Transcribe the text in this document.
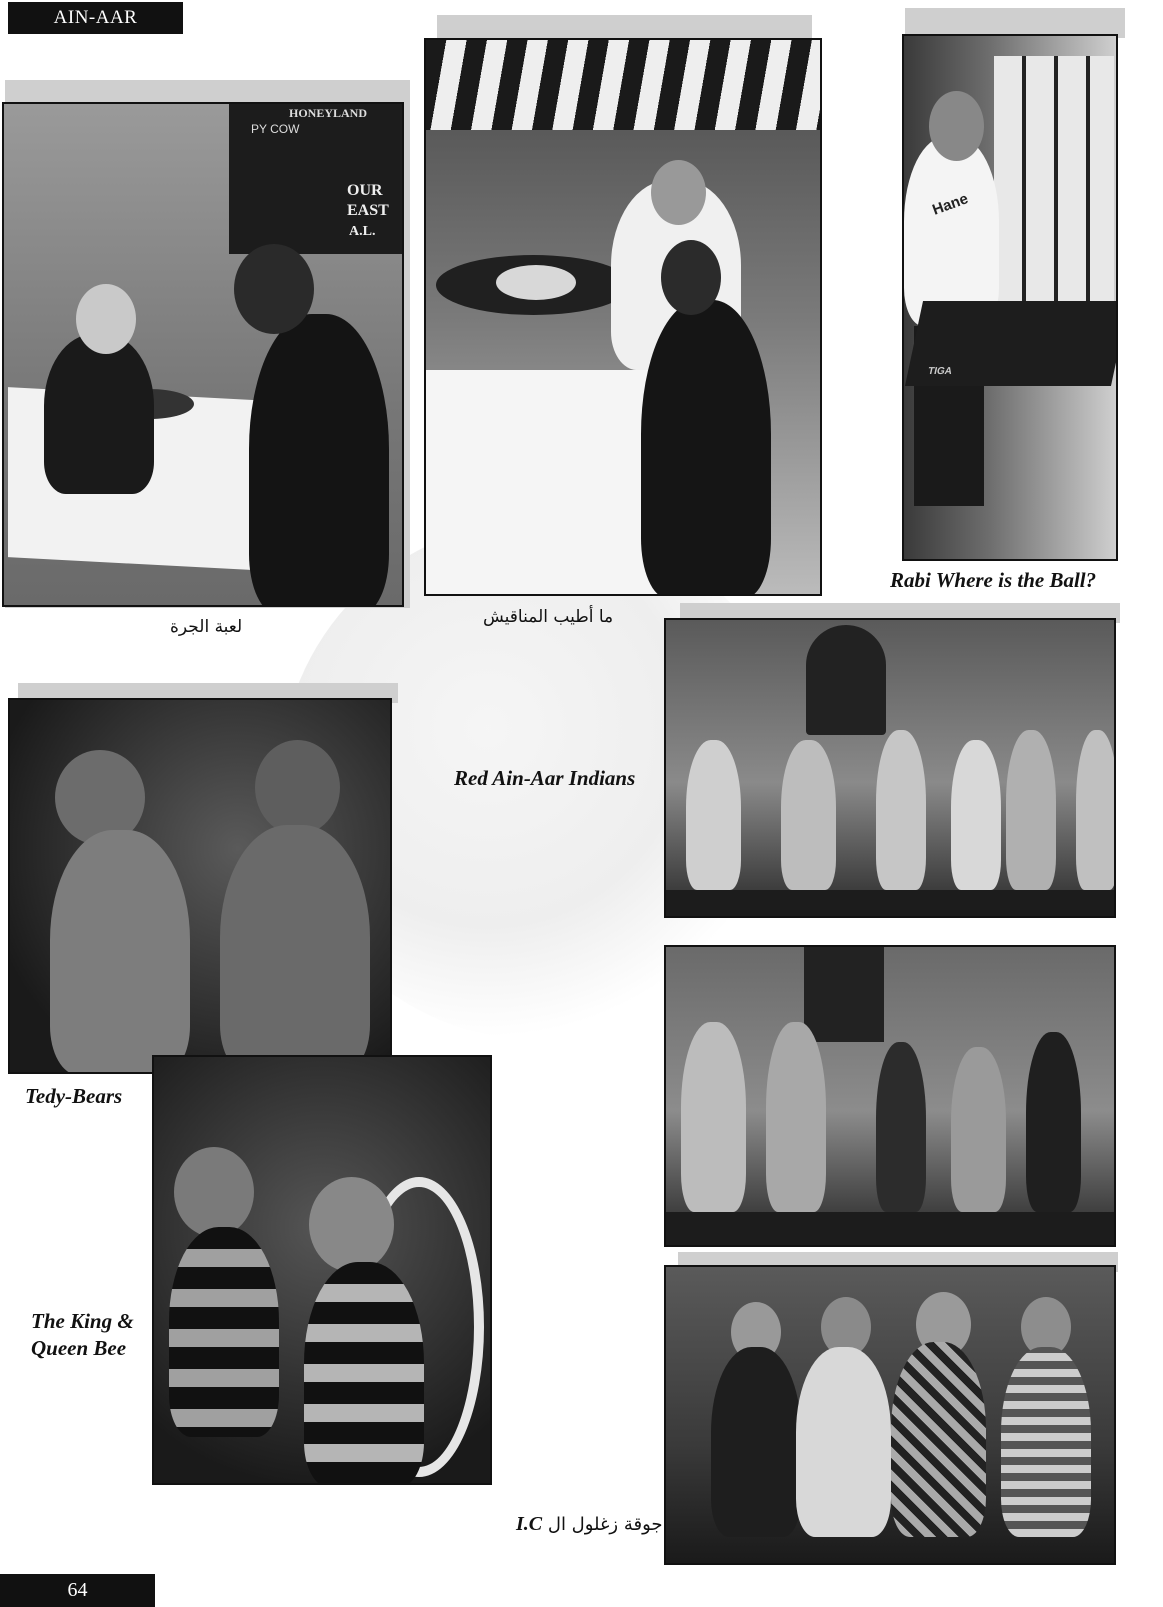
AIN-AAR
HONEYLAND
PY COW
OUR
EAST
A.L.
لعبة الجرة	ما أطيب المناقيش
Hane
TIGA
Rabi Where is the Ball?
Red Ain-Aar Indians
Tedy-Bears
The King &
Queen Bee
جوقة زغلول ال I.C
64
